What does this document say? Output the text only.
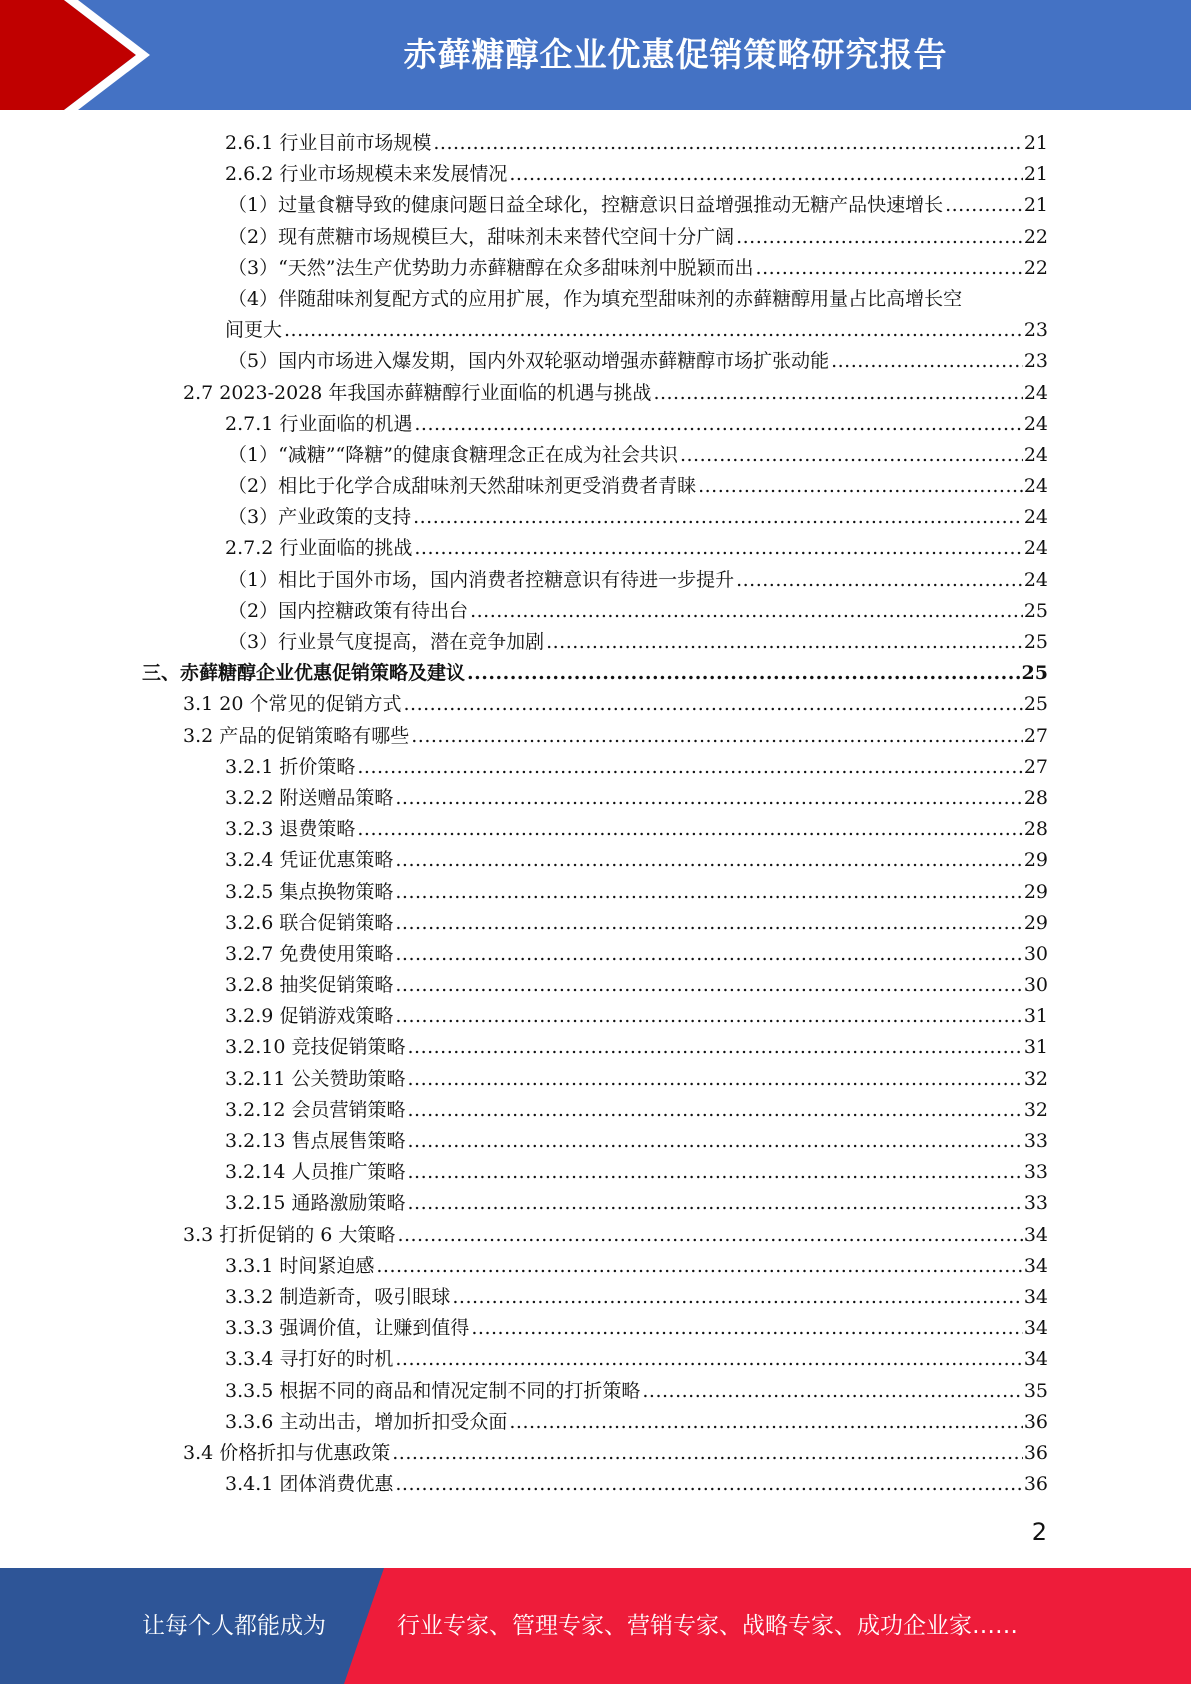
赤藓糖醇企业优惠促销策略研究报告
2.6.1 行业目前市场规模 .....	21
2.6.2 行业市场规模未来发展情况 .....	21
（1）过量食糖导致的健康问题日益全球化，控糖意识日益增强推动无糖产品快速增长 .....	21
（2）现有蔗糖市场规模巨大，甜味剂未来替代空间十分广阔 .....	22
（3）“天然”法生产优势助力赤藓糖醇在众多甜味剂中脱颖而出 .....	22
（4）伴随甜味剂复配方式的应用扩展，作为填充型甜味剂的赤藓糖醇用量占比高增长空
间更大 .....	23
（5）国内市场进入爆发期，国内外双轮驱动增强赤藓糖醇市场扩张动能 .....	23
2.7 2023-2028 年我国赤藓糖醇行业面临的机遇与挑战 .....	24
2.7.1 行业面临的机遇 .....	24
（1）“减糖”“降糖”的健康食糖理念正在成为社会共识 .....	24
（2）相比于化学合成甜味剂天然甜味剂更受消费者青睐 .....	24
（3）产业政策的支持 .....	24
2.7.2 行业面临的挑战 .....	24
（1）相比于国外市场，国内消费者控糖意识有待进一步提升 .....	24
（2）国内控糖政策有待出台 .....	25
（3）行业景气度提高，潜在竞争加剧 .....	25
三、赤藓糖醇企业优惠促销策略及建议 .....	25
3.1 20 个常见的促销方式 .....	25
3.2 产品的促销策略有哪些 .....	27
3.2.1 折价策略 .....	27
3.2.2 附送赠品策略 .....	28
3.2.3 退费策略 .....	28
3.2.4 凭证优惠策略 .....	29
3.2.5 集点换物策略 .....	29
3.2.6 联合促销策略 .....	29
3.2.7 免费使用策略 .....	30
3.2.8 抽奖促销策略 .....	30
3.2.9 促销游戏策略 .....	31
3.2.10 竞技促销策略 .....	31
3.2.11 公关赞助策略 .....	32
3.2.12 会员营销策略 .....	32
3.2.13 售点展售策略 .....	33
3.2.14 人员推广策略 .....	33
3.2.15 通路激励策略 .....	33
3.3 打折促销的 6 大策略 .....	34
3.3.1 时间紧迫感 .....	34
3.3.2 制造新奇，吸引眼球 .....	34
3.3.3 强调价值，让赚到值得 .....	34
3.3.4 寻打好的时机 .....	34
3.3.5 根据不同的商品和情况定制不同的打折策略 .....	35
3.3.6 主动出击，增加折扣受众面 .....	36
3.4 价格折扣与优惠政策 .....	36
3.4.1 团体消费优惠 .....	36
2
让每个人都能成为	行业专家、管理专家、营销专家、战略专家、成功企业家……
